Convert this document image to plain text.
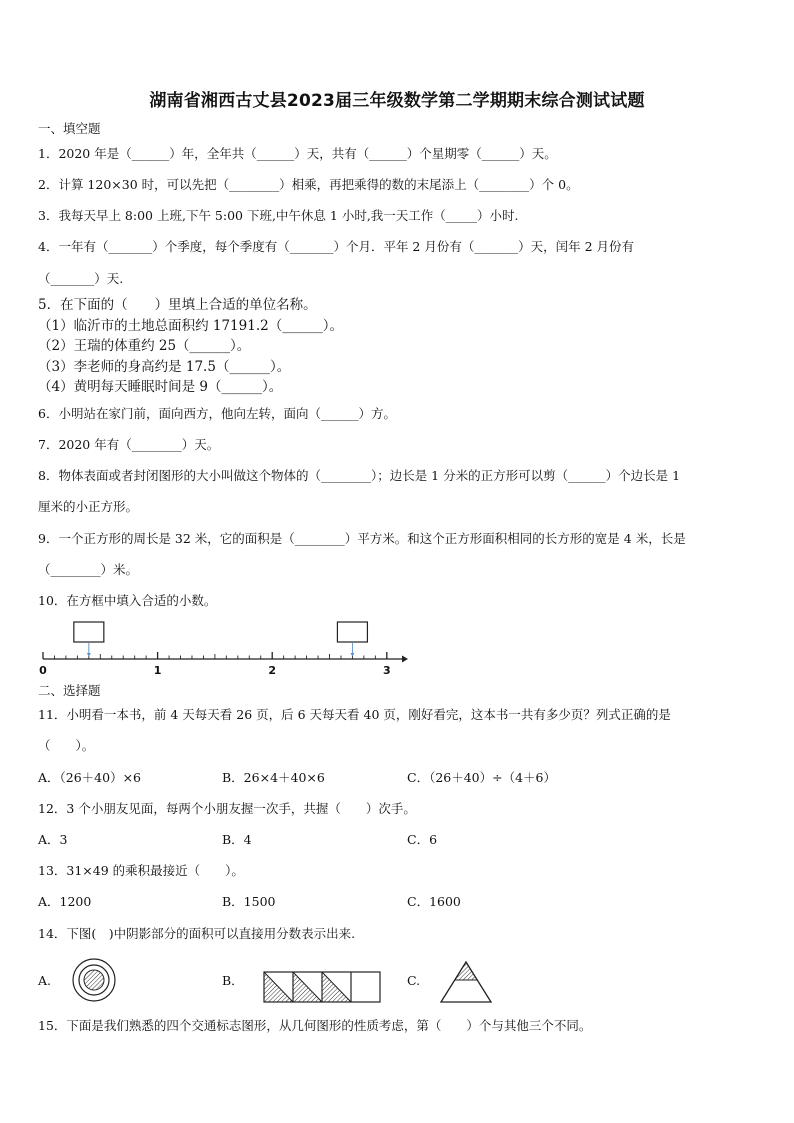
湖南省湘西古丈县2023届三年级数学第二学期期末综合测试试题
一、填空题
1．2020 年是（______）年，全年共（______）天，共有（______）个星期零（______）天。
2．计算 120×30 时，可以先把（________）相乘，再把乘得的数的末尾添上（________）个 0。
3．我每天早上 8:00 上班,下午 5:00 下班,中午休息 1 小时,我一天工作（_____）小时.
4．一年有（_______）个季度，每个季度有（_______）个月．平年 2 月份有（_______）天，闰年 2 月份有
（_______）天.
5．在下面的（　　）里填上合适的单位名称。
（1）临沂市的土地总面积约 17191.2（______）。
（2）王瑞的体重约 25（______）。
（3）李老师的身高约是 17.5（______）。
（4）黄明每天睡眠时间是 9（______）。
6．小明站在家门前，面向西方，他向左转，面向（______）方。
7．2020 年有（________）天。
8．物体表面或者封闭图形的大小叫做这个物体的（________）；边长是 1 分米的正方形可以剪（______）个边长是 1
厘米的小正方形。
9．一个正方形的周长是 32 米，它的面积是（________）平方米。和这个正方形面积相同的长方形的宽是 4 米，长是
（________）米。
10．在方框中填入合适的小数。
0	1	2	3
二、选择题
11．小明看一本书，前 4 天每天看 26 页，后 6 天每天看 40 页，刚好看完，这本书一共有多少页？列式正确的是
（　　）。
A．（26＋40）×6	B．26×4＋40×6	C．（26＋40）÷（4＋6）
12．3 个小朋友见面，每两个小朋友握一次手，共握（　　）次手。
A．3	B．4	C．6
13．31×49 的乘积最接近（　　）。
A．1200	B．1500	C．1600
14．下图(　)中阴影部分的面积可以直接用分数表示出来.
A.	B．	C.
15．下面是我们熟悉的四个交通标志图形，从几何图形的性质考虑，第（　　）个与其他三个不同。
